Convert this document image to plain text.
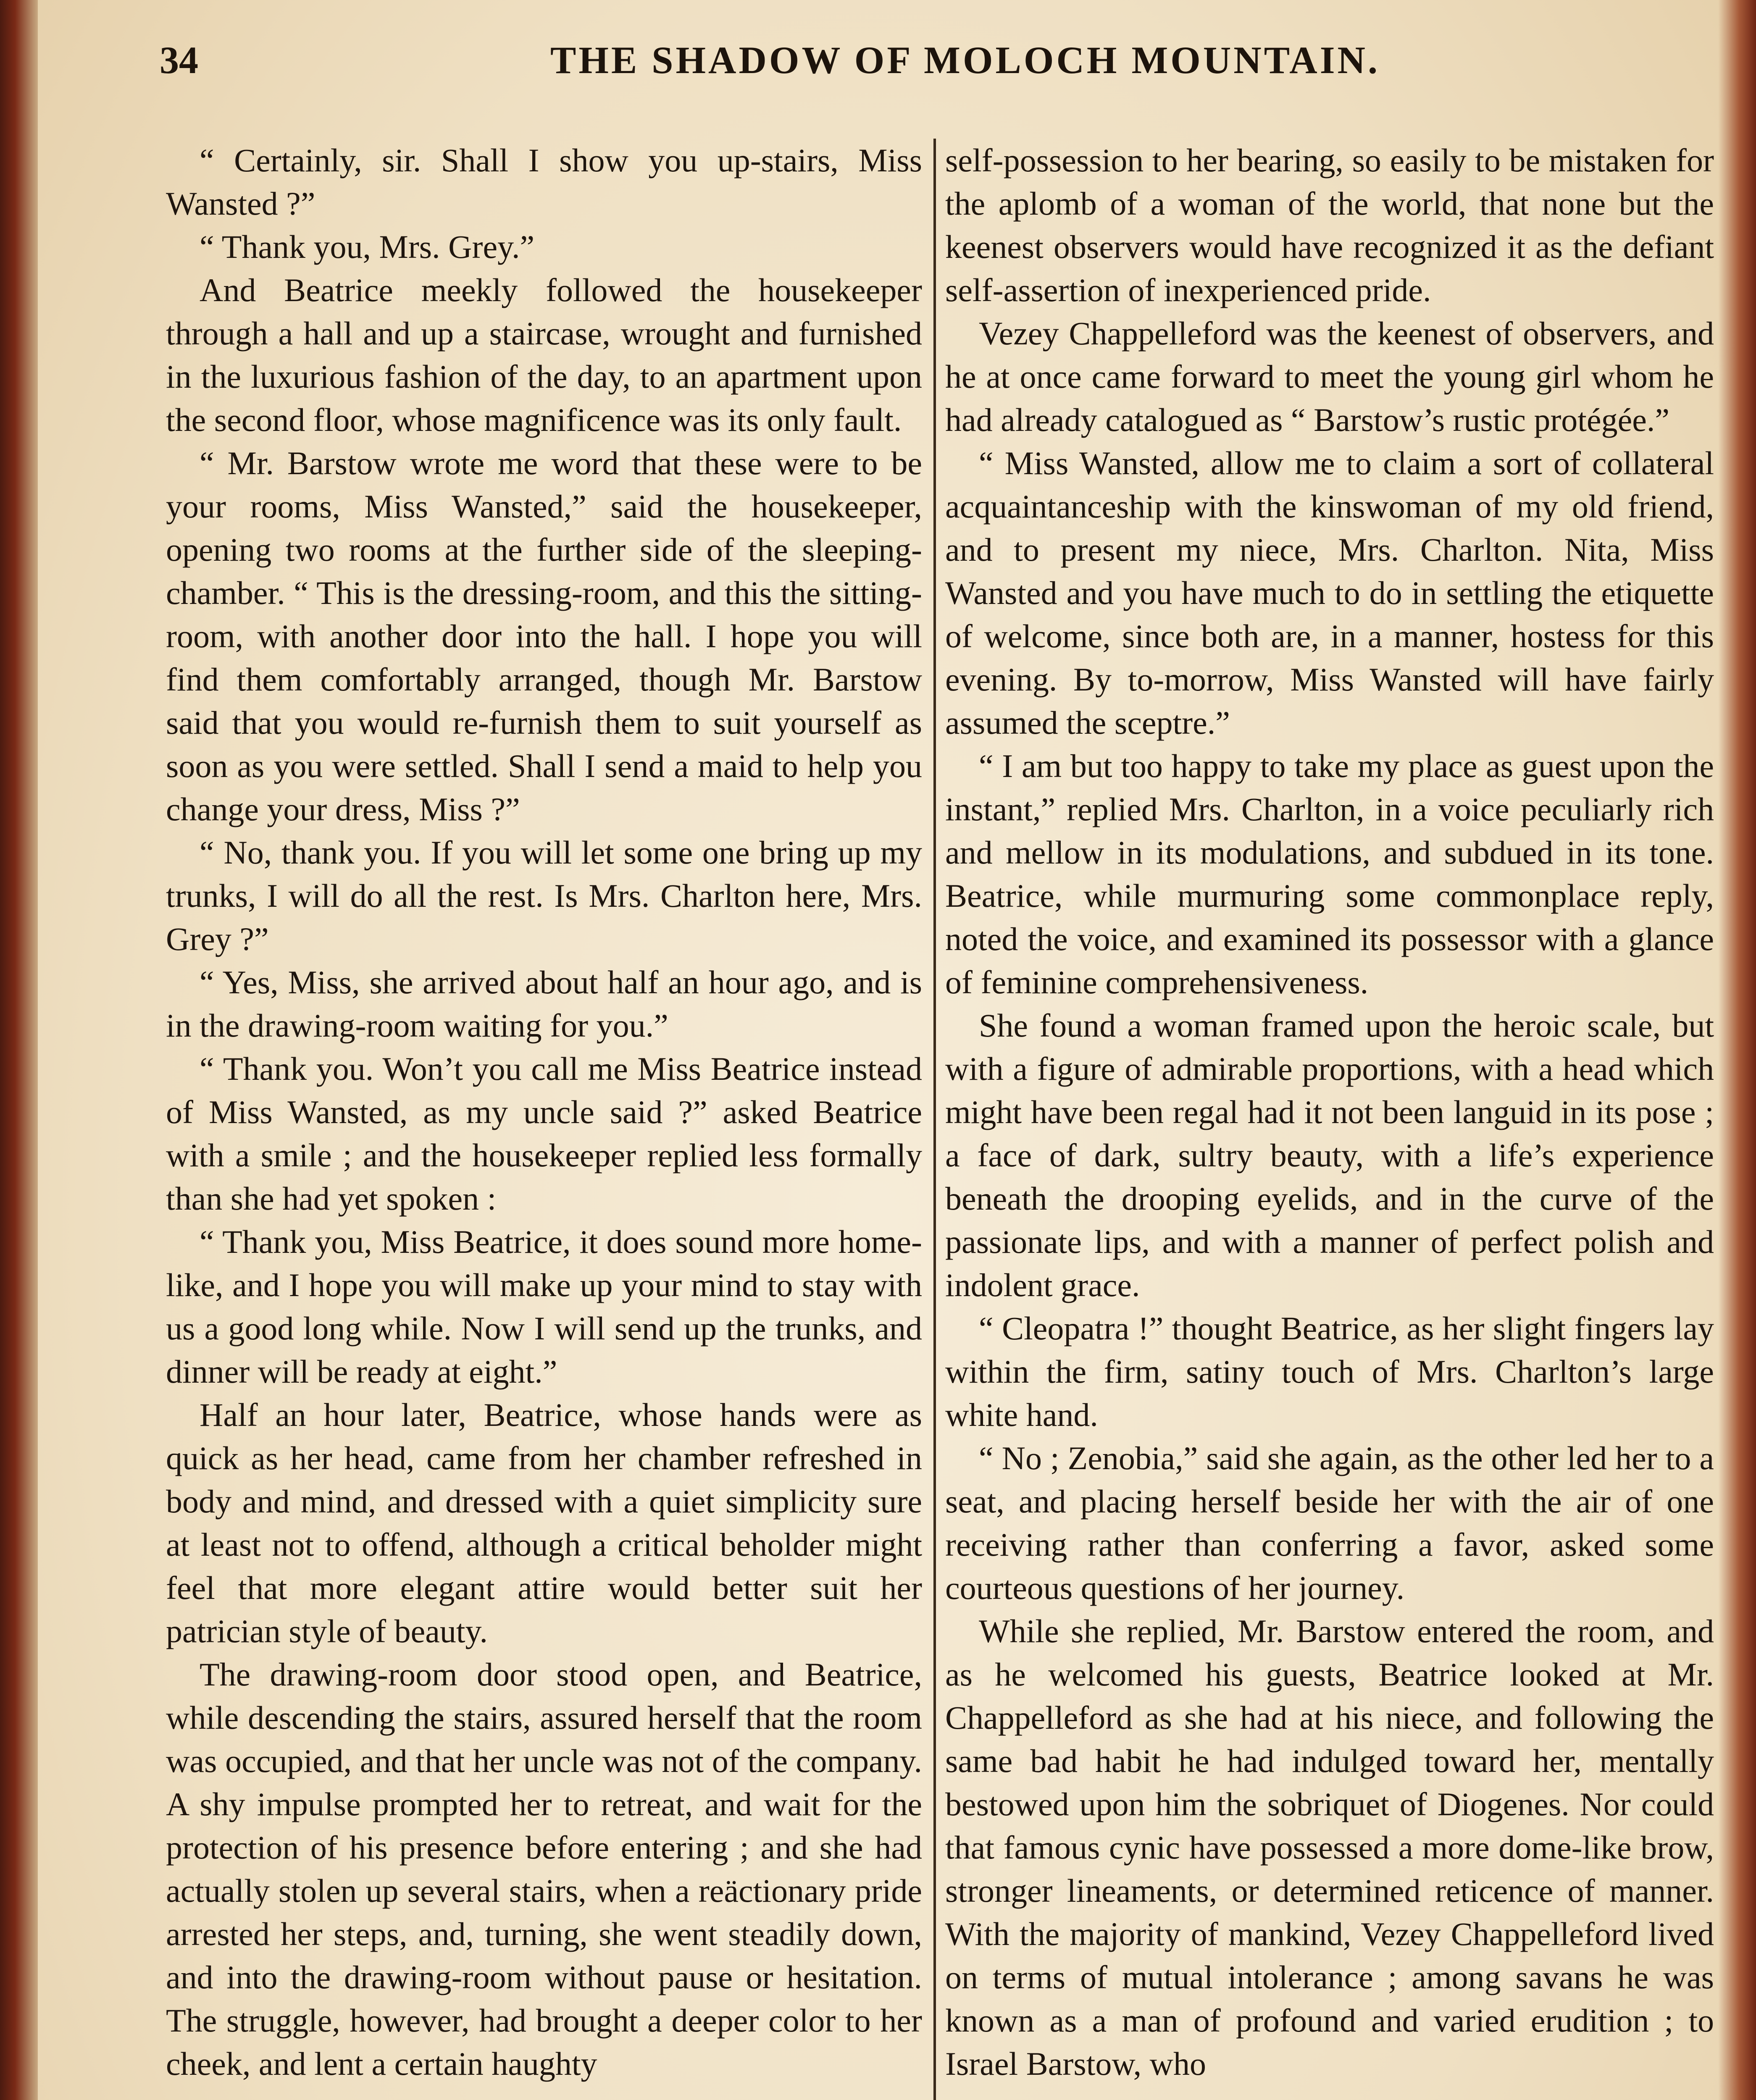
34	THE SHADOW OF MOLOCH MOUNTAIN.

“ Certainly, sir. Shall I show you up-stairs, Miss Wansted ?”

“ Thank you, Mrs. Grey.”

And Beatrice meekly followed the housekeeper through a hall and up a staircase, wrought and furnished in the luxurious fashion of the day, to an apartment upon the second floor, whose magnificence was its only fault.

“ Mr. Barstow wrote me word that these were to be your rooms, Miss Wansted,” said the housekeeper, opening two rooms at the further side of the sleeping-chamber. “ This is the dressing-room, and this the sitting-room, with another door into the hall. I hope you will find them comfortably arranged, though Mr. Barstow said that you would re-furnish them to suit yourself as soon as you were settled. Shall I send a maid to help you change your dress, Miss ?”

“ No, thank you. If you will let some one bring up my trunks, I will do all the rest. Is Mrs. Charlton here, Mrs. Grey ?”

“ Yes, Miss, she arrived about half an hour ago, and is in the drawing-room waiting for you.”

“ Thank you. Won’t you call me Miss Beatrice instead of Miss Wansted, as my uncle said ?” asked Beatrice with a smile ; and the housekeeper replied less formally than she had yet spoken :

“ Thank you, Miss Beatrice, it does sound more home-like, and I hope you will make up your mind to stay with us a good long while. Now I will send up the trunks, and dinner will be ready at eight.”

Half an hour later, Beatrice, whose hands were as quick as her head, came from her chamber refreshed in body and mind, and dressed with a quiet simplicity sure at least not to offend, although a critical beholder might feel that more elegant attire would better suit her patrician style of beauty.

The drawing-room door stood open, and Beatrice, while descending the stairs, assured herself that the room was occupied, and that her uncle was not of the company. A shy impulse prompted her to retreat, and wait for the protection of his presence before entering ; and she had actually stolen up several stairs, when a reäctionary pride arrested her steps, and, turning, she went steadily down, and into the drawing-room without pause or hesitation. The struggle, however, had brought a deeper color to her cheek, and lent a certain haughty

self-possession to her bearing, so easily to be mistaken for the aplomb of a woman of the world, that none but the keenest observers would have recognized it as the defiant self-assertion of inexperienced pride.

Vezey Chappelleford was the keenest of observers, and he at once came forward to meet the young girl whom he had already catalogued as “ Barstow’s rustic protégée.”

“ Miss Wansted, allow me to claim a sort of collateral acquaintanceship with the kinswoman of my old friend, and to present my niece, Mrs. Charlton. Nita, Miss Wansted and you have much to do in settling the etiquette of welcome, since both are, in a manner, hostess for this evening. By to-morrow, Miss Wansted will have fairly assumed the sceptre.”

“ I am but too happy to take my place as guest upon the instant,” replied Mrs. Charlton, in a voice peculiarly rich and mellow in its modulations, and subdued in its tone. Beatrice, while murmuring some commonplace reply, noted the voice, and examined its possessor with a glance of feminine comprehensiveness.

She found a woman framed upon the heroic scale, but with a figure of admirable proportions, with a head which might have been regal had it not been languid in its pose ; a face of dark, sultry beauty, with a life’s experience beneath the drooping eyelids, and in the curve of the passionate lips, and with a manner of perfect polish and indolent grace.

“ Cleopatra !” thought Beatrice, as her slight fingers lay within the firm, satiny touch of Mrs. Charlton’s large white hand.

“ No ; Zenobia,” said she again, as the other led her to a seat, and placing herself beside her with the air of one receiving rather than conferring a favor, asked some courteous questions of her journey.

While she replied, Mr. Barstow entered the room, and as he welcomed his guests, Beatrice looked at Mr. Chappelleford as she had at his niece, and following the same bad habit he had indulged toward her, mentally bestowed upon him the sobriquet of Diogenes. Nor could that famous cynic have possessed a more dome-like brow, stronger lineaments, or determined reticence of manner. With the majority of mankind, Vezey Chappelleford lived on terms of mutual intolerance ; among savans he was known as a man of profound and varied erudition ; to Israel Barstow, who
